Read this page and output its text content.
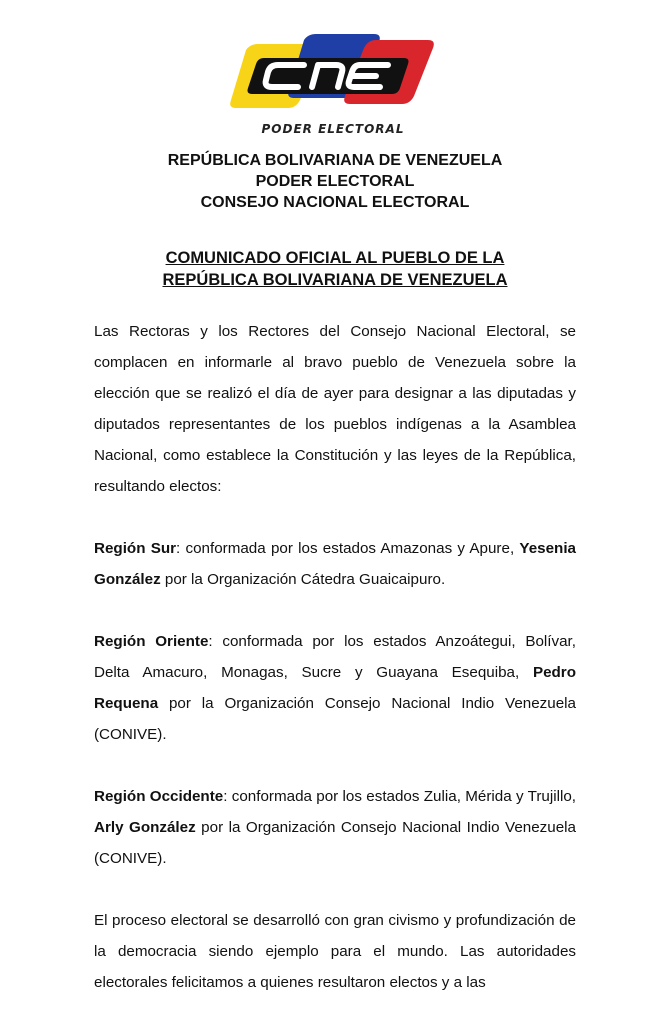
PODER ELECTORAL
REPÚBLICA BOLIVARIANA DE VENEZUELA
PODER ELECTORAL
CONSEJO NACIONAL ELECTORAL
COMUNICADO OFICIAL AL PUEBLO DE LA
REPÚBLICA BOLIVARIANA DE VENEZUELA

Las Rectoras y los Rectores del Consejo Nacional Electoral, se complacen en informarle al bravo pueblo de Venezuela sobre la elección que se realizó el día de ayer para designar a las diputadas y diputados representantes de los pueblos indígenas a la Asamblea Nacional, como establece la Constitución y las leyes de la República, resultando electos:

Región Sur: conformada por los estados Amazonas y Apure, Yesenia González por la Organización Cátedra Guaicaipuro.

Región Oriente: conformada por los estados Anzoátegui, Bolívar, Delta Amacuro, Monagas, Sucre y Guayana Esequiba, Pedro Requena por la Organización Consejo Nacional Indio Venezuela (CONIVE).

Región Occidente: conformada por los estados Zulia, Mérida y Trujillo, Arly González por la Organización Consejo Nacional Indio Venezuela (CONIVE).

El proceso electoral se desarrolló con gran civismo y profundización de la democracia siendo ejemplo para el mundo. Las autoridades electorales felicitamos a quienes resultaron electos y a las
